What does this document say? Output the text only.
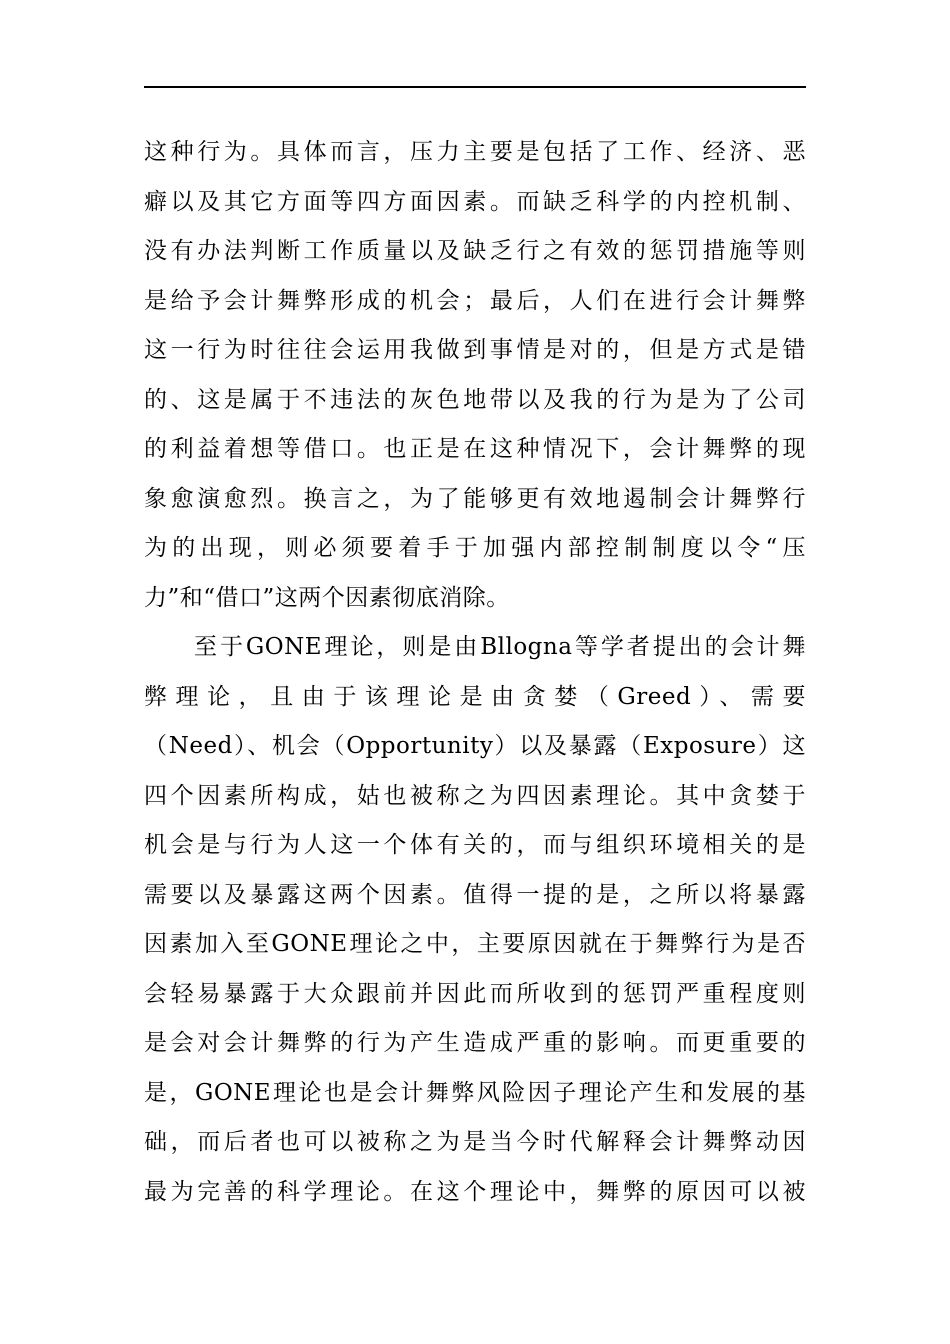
这种行为。具体而言，压力主要是包括了工作、经济、恶
癖以及其它方面等四方面因素。而缺乏科学的内控机制、
没有办法判断工作质量以及缺乏行之有效的惩罚措施等则
是给予会计舞弊形成的机会；最后，人们在进行会计舞弊
这一行为时往往会运用我做到事情是对的，但是方式是错
的、这是属于不违法的灰色地带以及我的行为是为了公司
的利益着想等借口。也正是在这种情况下，会计舞弊的现
象愈演愈烈。换言之，为了能够更有效地遏制会计舞弊行
为的出现，则必须要着手于加强内部控制制度以令“压
力”和“借口”这两个因素彻底消除。
至于GONE理论，则是由Bllogna等学者提出的会计舞
弊理论，且由于该理论是由贪婪（Greed）、需要
（Need）、机会（Opportunity）以及暴露（Exposure）这
四个因素所构成，姑也被称之为四因素理论。其中贪婪于
机会是与行为人这一个体有关的，而与组织环境相关的是
需要以及暴露这两个因素。值得一提的是，之所以将暴露
因素加入至GONE理论之中，主要原因就在于舞弊行为是否
会轻易暴露于大众跟前并因此而所收到的惩罚严重程度则
是会对会计舞弊的行为产生造成严重的影响。而更重要的
是，GONE理论也是会计舞弊风险因子理论产生和发展的基
础，而后者也可以被称之为是当今时代解释会计舞弊动因
最为完善的科学理论。在这个理论中，舞弊的原因可以被
